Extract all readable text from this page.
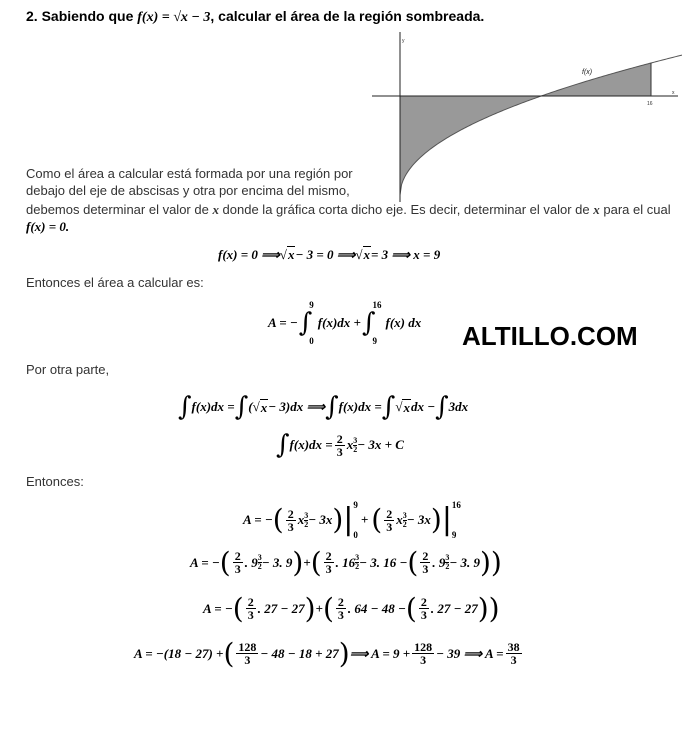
2. Sabiendo que f(x) = √x − 3, calcular el área de la región sombreada.
y
x
f(x)
16
Como el área a calcular está formada por una región por
debajo del eje de abscisas y otra por encima del mismo,
debemos determinar el valor de x donde la gráfica corta dicho eje. Es decir, determinar el valor de x para el cual
f(x) = 0.
f(x) = 0 ⟹ √ x − 3 = 0 ⟹ √ x = 3 ⟹ x = 9
Entonces el área a calcular es:
A = − ∫
9
0
f(x)dx + ∫
16
9
f(x) dx ALTILLO.COM
Por otra parte,
∫ f(x)dx = ∫ ( √ x − 3)dx ⟹ ∫ f(x)dx = ∫ √ x dx − ∫ 3dx
∫ $f(x)dx = \frac{2}{3}$ x 3
2 − 3x + C
Entonces:
A = − ( $\frac{2}{3}$ x 3
2 − 3x ) | 9
0
+ ( $\frac{2}{3}$ x 3
2 − 3x ) | 16
9
A = − ( $\frac{2}{3}$ . 9 3
2 − 3. 9 ) + ( $\frac{2}{3}$ . 16 3
2 − 3. 16 − ( $\frac{2}{3}$ . 9 3
2 − 3. 9 ) )
A = − ( $\frac{2}{3}$ . 27 − 27 ) + ( $\frac{2}{3}$ . 64 − 48 − ( $\frac{2}{3}$ . 27 − 27 ) )
A = −(18 − 27) + ( $\frac{128}{3} - 48 - 18 + 27$ ) ⟹ $A = 9 + \frac{128}{3} - 39$ ⟹ $A = \frac{38}{3}$
